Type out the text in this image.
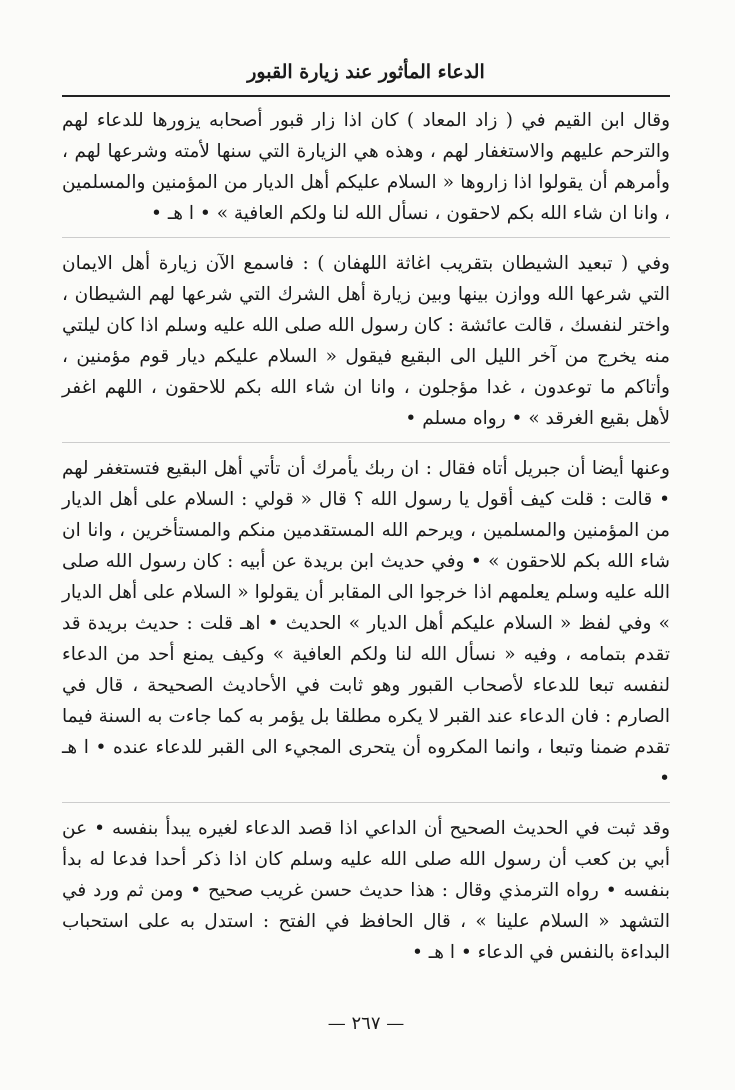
الدعاء المأثور عند زيارة القبور

وقال ابن القيم في ( زاد المعاد ) كان اذا زار قبور أصحابه يزورها للدعاء لهم والترحم عليهم والاستغفار لهم ، وهذه هي الزيارة التي سنها لأمته وشرعها لهم ، وأمرهم أن يقولوا اذا زاروها « السلام عليكم أهل الديار من المؤمنين والمسلمين ، وانا ان شاء الله بكم لاحقون ، نسأل الله لنا ولكم العافية » • ا هـ •

وفي ( تبعيد الشيطان بتقريب اغاثة اللهفان ) : فاسمع الآن زيارة أهل الايمان التي شرعها الله ووازن بينها وبين زيارة أهل الشرك التي شرعها لهم الشيطان ، واختر لنفسك ، قالت عائشة : كان رسول الله صلى الله عليه وسلم اذا كان ليلتي منه يخرج من آخر الليل الى البقيع فيقول « السلام عليكم ديار قوم مؤمنين ، وأتاكم ما توعدون ، غدا مؤجلون ، وانا ان شاء الله بكم للاحقون ، اللهم اغفر لأهل بقيع الغرقد » • رواه مسلم •

وعنها أيضا أن جبريل أتاه فقال : ان ربك يأمرك أن تأتي أهل البقيع فتستغفر لهم • قالت : قلت كيف أقول يا رسول الله ؟ قال « قولي : السلام على أهل الديار من المؤمنين والمسلمين ، ويرحم الله المستقدمين منكم والمستأخرين ، وانا ان شاء الله بكم للاحقون » • وفي حديث ابن بريدة عن أبيه : كان رسول الله صلى الله عليه وسلم يعلمهم اذا خرجوا الى المقابر أن يقولوا « السلام على أهل الديار » وفي لفظ « السلام عليكم أهل الديار » الحديث • اهـ قلت : حديث بريدة قد تقدم بتمامه ، وفيه « نسأل الله لنا ولكم العافية » وكيف يمنع أحد من الدعاء لنفسه تبعا للدعاء لأصحاب القبور وهو ثابت في الأحاديث الصحيحة ، قال في الصارم : فان الدعاء عند القبر لا يكره مطلقا بل يؤمر به كما جاءت به السنة فيما تقدم ضمنا وتبعا ، وانما المكروه أن يتحرى المجيء الى القبر للدعاء عنده • ا هـ •

وقد ثبت في الحديث الصحيح أن الداعي اذا قصد الدعاء لغيره يبدأ بنفسه • عن أبي بن كعب أن رسول الله صلى الله عليه وسلم كان اذا ذكر أحدا فدعا له بدأ بنفسه • رواه الترمذي وقال : هذا حديث حسن غريب صحيح • ومن ثم ورد في التشهد « السلام علينا » ، قال الحافظ في الفتح : استدل به على استحباب البداءة بالنفس في الدعاء • ا هـ •

— ٢٦٧ —
